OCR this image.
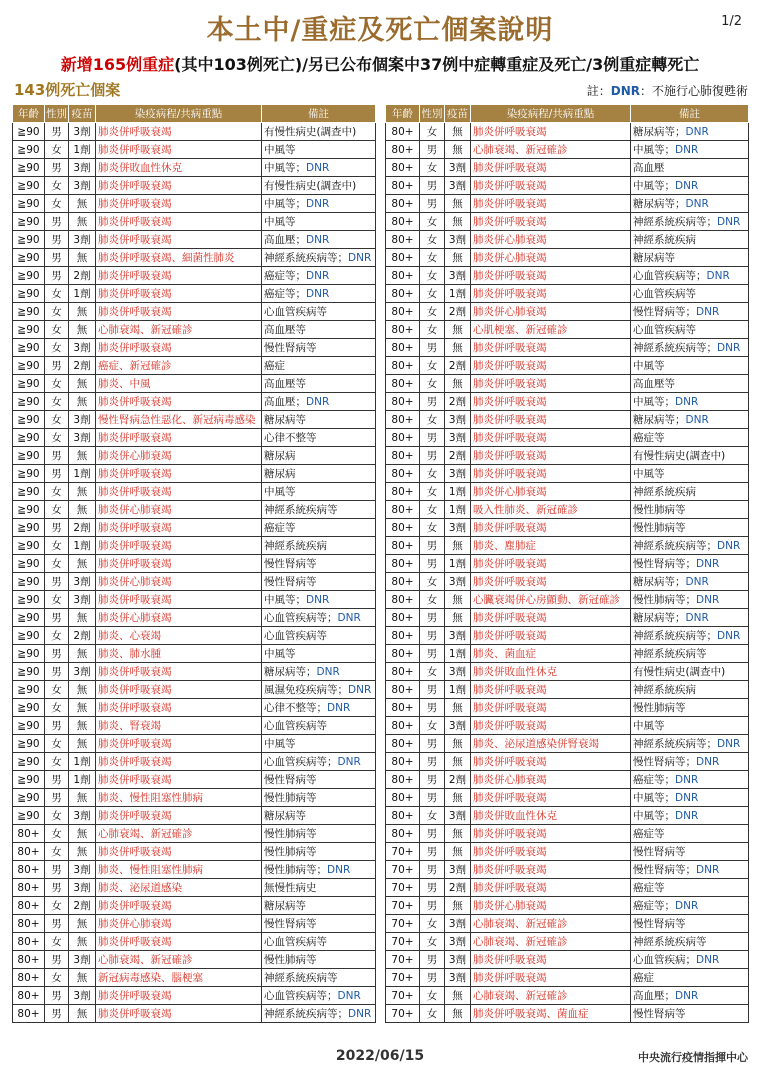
本土中/重症及死亡個案說明	1/2
新增165例重症(其中103例死亡)/另已公布個案中37例中症轉重症及死亡/3例重症轉死亡
143例死亡個案	註：DNR：不施行心肺復甦術
年齡	性別	疫苗	染疫病程/共病重點	備註
≧90	男	3劑	肺炎併呼吸衰竭	有慢性病史(調查中)
≧90	女	1劑	肺炎併呼吸衰竭	中風等
≧90	男	3劑	肺炎併敗血性休克	中風等；DNR
≧90	女	3劑	肺炎併呼吸衰竭	有慢性病史(調查中)
≧90	女	無	肺炎併呼吸衰竭	中風等；DNR
≧90	男	無	肺炎併呼吸衰竭	中風等
≧90	男	3劑	肺炎併呼吸衰竭	高血壓；DNR
≧90	男	無	肺炎併呼吸衰竭、細菌性肺炎	神經系統疾病等；DNR
≧90	男	2劑	肺炎併呼吸衰竭	癌症等；DNR
≧90	女	1劑	肺炎併呼吸衰竭	癌症等；DNR
≧90	女	無	肺炎併呼吸衰竭	心血管疾病等
≧90	女	無	心肺衰竭、新冠確診	高血壓等
≧90	女	3劑	肺炎併呼吸衰竭	慢性腎病等
≧90	男	2劑	癌症、新冠確診	癌症
≧90	女	無	肺炎、中風	高血壓等
≧90	女	無	肺炎併呼吸衰竭	高血壓；DNR
≧90	女	3劑	慢性腎病急性惡化、新冠病毒感染	糖尿病等
≧90	女	3劑	肺炎併呼吸衰竭	心律不整等
≧90	男	無	肺炎併心肺衰竭	糖尿病
≧90	男	1劑	肺炎併呼吸衰竭	糖尿病
≧90	女	無	肺炎併呼吸衰竭	中風等
≧90	女	無	肺炎併心肺衰竭	神經系統疾病等
≧90	男	2劑	肺炎併呼吸衰竭	癌症等
≧90	女	1劑	肺炎併呼吸衰竭	神經系統疾病
≧90	女	無	肺炎併呼吸衰竭	慢性腎病等
≧90	男	3劑	肺炎併心肺衰竭	慢性腎病等
≧90	女	3劑	肺炎併呼吸衰竭	中風等；DNR
≧90	男	無	肺炎併心肺衰竭	心血管疾病等；DNR
≧90	女	2劑	肺炎、心衰竭	心血管疾病等
≧90	男	無	肺炎、肺水腫	中風等
≧90	男	3劑	肺炎併呼吸衰竭	糖尿病等；DNR
≧90	女	無	肺炎併呼吸衰竭	風濕免疫疾病等；DNR
≧90	女	無	肺炎併呼吸衰竭	心律不整等；DNR
≧90	男	無	肺炎、腎衰竭	心血管疾病等
≧90	女	無	肺炎併呼吸衰竭	中風等
≧90	女	1劑	肺炎併呼吸衰竭	心血管疾病等；DNR
≧90	男	1劑	肺炎併呼吸衰竭	慢性腎病等
≧90	男	無	肺炎、慢性阻塞性肺病	慢性肺病等
≧90	女	3劑	肺炎併呼吸衰竭	糖尿病等
80+	女	無	心肺衰竭、新冠確診	慢性肺病等
80+	女	無	肺炎併呼吸衰竭	慢性肺病等
80+	男	3劑	肺炎、慢性阻塞性肺病	慢性肺病等；DNR
80+	男	3劑	肺炎、泌尿道感染	無慢性病史
80+	女	2劑	肺炎併呼吸衰竭	糖尿病等
80+	男	無	肺炎併心肺衰竭	慢性腎病等
80+	女	無	肺炎併呼吸衰竭	心血管疾病等
80+	男	3劑	心肺衰竭、新冠確診	慢性肺病等
80+	女	無	新冠病毒感染、腦梗塞	神經系統疾病等
80+	男	3劑	肺炎併呼吸衰竭	心血管疾病等；DNR
80+	男	無	肺炎併呼吸衰竭	神經系統疾病等；DNR
年齡	性別	疫苗	染疫病程/共病重點	備註
80+	女	無	肺炎併呼吸衰竭	糖尿病等；DNR
80+	男	無	心肺衰竭、新冠確診	中風等；DNR
80+	女	3劑	肺炎併呼吸衰竭	高血壓
80+	男	3劑	肺炎併呼吸衰竭	中風等；DNR
80+	男	無	肺炎併呼吸衰竭	糖尿病等；DNR
80+	女	無	肺炎併呼吸衰竭	神經系統疾病等；DNR
80+	女	3劑	肺炎併心肺衰竭	神經系統疾病
80+	女	無	肺炎併心肺衰竭	糖尿病等
80+	女	3劑	肺炎併呼吸衰竭	心血管疾病等；DNR
80+	女	1劑	肺炎併呼吸衰竭	心血管疾病等
80+	女	2劑	肺炎併心肺衰竭	慢性腎病等；DNR
80+	女	無	心肌梗塞、新冠確診	心血管疾病等
80+	男	無	肺炎併呼吸衰竭	神經系統疾病等；DNR
80+	女	2劑	肺炎併呼吸衰竭	中風等
80+	女	無	肺炎併呼吸衰竭	高血壓等
80+	男	2劑	肺炎併呼吸衰竭	中風等；DNR
80+	女	3劑	肺炎併呼吸衰竭	糖尿病等；DNR
80+	男	3劑	肺炎併呼吸衰竭	癌症等
80+	男	2劑	肺炎併呼吸衰竭	有慢性病史(調查中)
80+	女	3劑	肺炎併呼吸衰竭	中風等
80+	女	1劑	肺炎併心肺衰竭	神經系統疾病
80+	女	1劑	吸入性肺炎、新冠確診	慢性肺病等
80+	女	3劑	肺炎併呼吸衰竭	慢性肺病等
80+	男	無	肺炎、塵肺症	神經系統疾病等；DNR
80+	男	1劑	肺炎併呼吸衰竭	慢性腎病等；DNR
80+	女	3劑	肺炎併呼吸衰竭	糖尿病等；DNR
80+	女	無	心臟衰竭併心房顫動、新冠確診	慢性肺病等；DNR
80+	男	無	肺炎併呼吸衰竭	糖尿病等；DNR
80+	男	3劑	肺炎併呼吸衰竭	神經系統疾病等；DNR
80+	男	1劑	肺炎、菌血症	神經系統疾病等
80+	女	3劑	肺炎併敗血性休克	有慢性病史(調查中)
80+	男	1劑	肺炎併呼吸衰竭	神經系統疾病
80+	男	無	肺炎併呼吸衰竭	慢性肺病等
80+	女	3劑	肺炎併呼吸衰竭	中風等
80+	男	無	肺炎、泌尿道感染併腎衰竭	神經系統疾病等；DNR
80+	男	無	肺炎併呼吸衰竭	慢性腎病等；DNR
80+	男	2劑	肺炎併心肺衰竭	癌症等；DNR
80+	男	無	肺炎併呼吸衰竭	中風等；DNR
80+	女	3劑	肺炎併敗血性休克	中風等；DNR
80+	男	無	肺炎併呼吸衰竭	癌症等
70+	男	無	肺炎併呼吸衰竭	慢性腎病等
70+	男	3劑	肺炎併呼吸衰竭	慢性腎病等；DNR
70+	男	2劑	肺炎併呼吸衰竭	癌症等
70+	男	無	肺炎併心肺衰竭	癌症等；DNR
70+	女	3劑	心肺衰竭、新冠確診	慢性腎病等
70+	女	3劑	心肺衰竭、新冠確診	神經系統疾病等
70+	男	3劑	肺炎併呼吸衰竭	心血管疾病；DNR
70+	男	3劑	肺炎併呼吸衰竭	癌症
70+	女	無	心肺衰竭、新冠確診	高血壓；DNR
70+	女	無	肺炎併呼吸衰竭、菌血症	慢性腎病等
2022/06/15	中央流行疫情指揮中心
